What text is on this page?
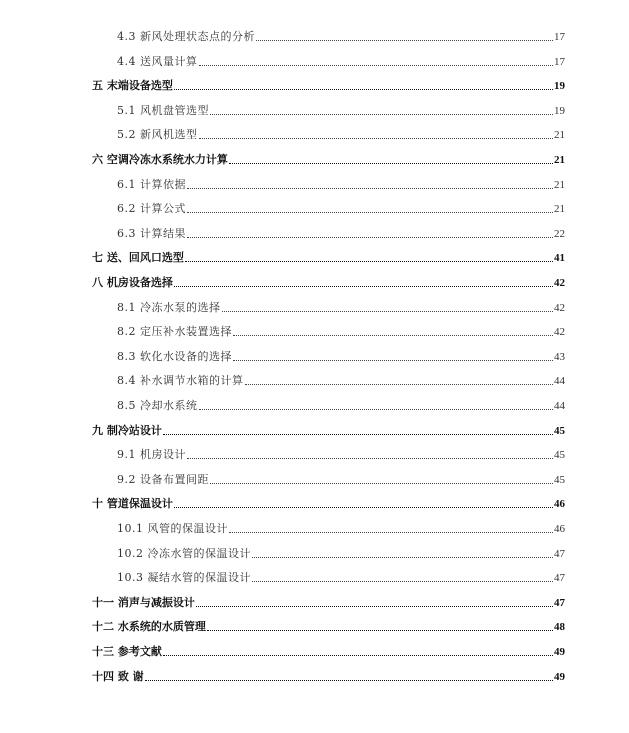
4.3 新风处理状态点的分析	17
4.4 送风量计算	17
五 末端设备选型	19
5.1 风机盘管选型	19
5.2 新风机选型	21
六 空调冷冻水系统水力计算	21
6.1 计算依据	21
6.2 计算公式	21
6.3 计算结果	22
七 送、回风口选型	41
八 机房设备选择	42
8.1 冷冻水泵的选择	42
8.2 定压补水装置选择	42
8.3 软化水设备的选择	43
8.4 补水调节水箱的计算	44
8.5 冷却水系统	44
九 制冷站设计	45
9.1 机房设计	45
9.2 设备布置间距	45
十 管道保温设计	46
10.1 风管的保温设计	46
10.2 冷冻水管的保温设计	47
10.3 凝结水管的保温设计	47
十一 消声与减振设计	47
十二 水系统的水质管理	48
十三 参考文献	49
十四 致 谢	49
